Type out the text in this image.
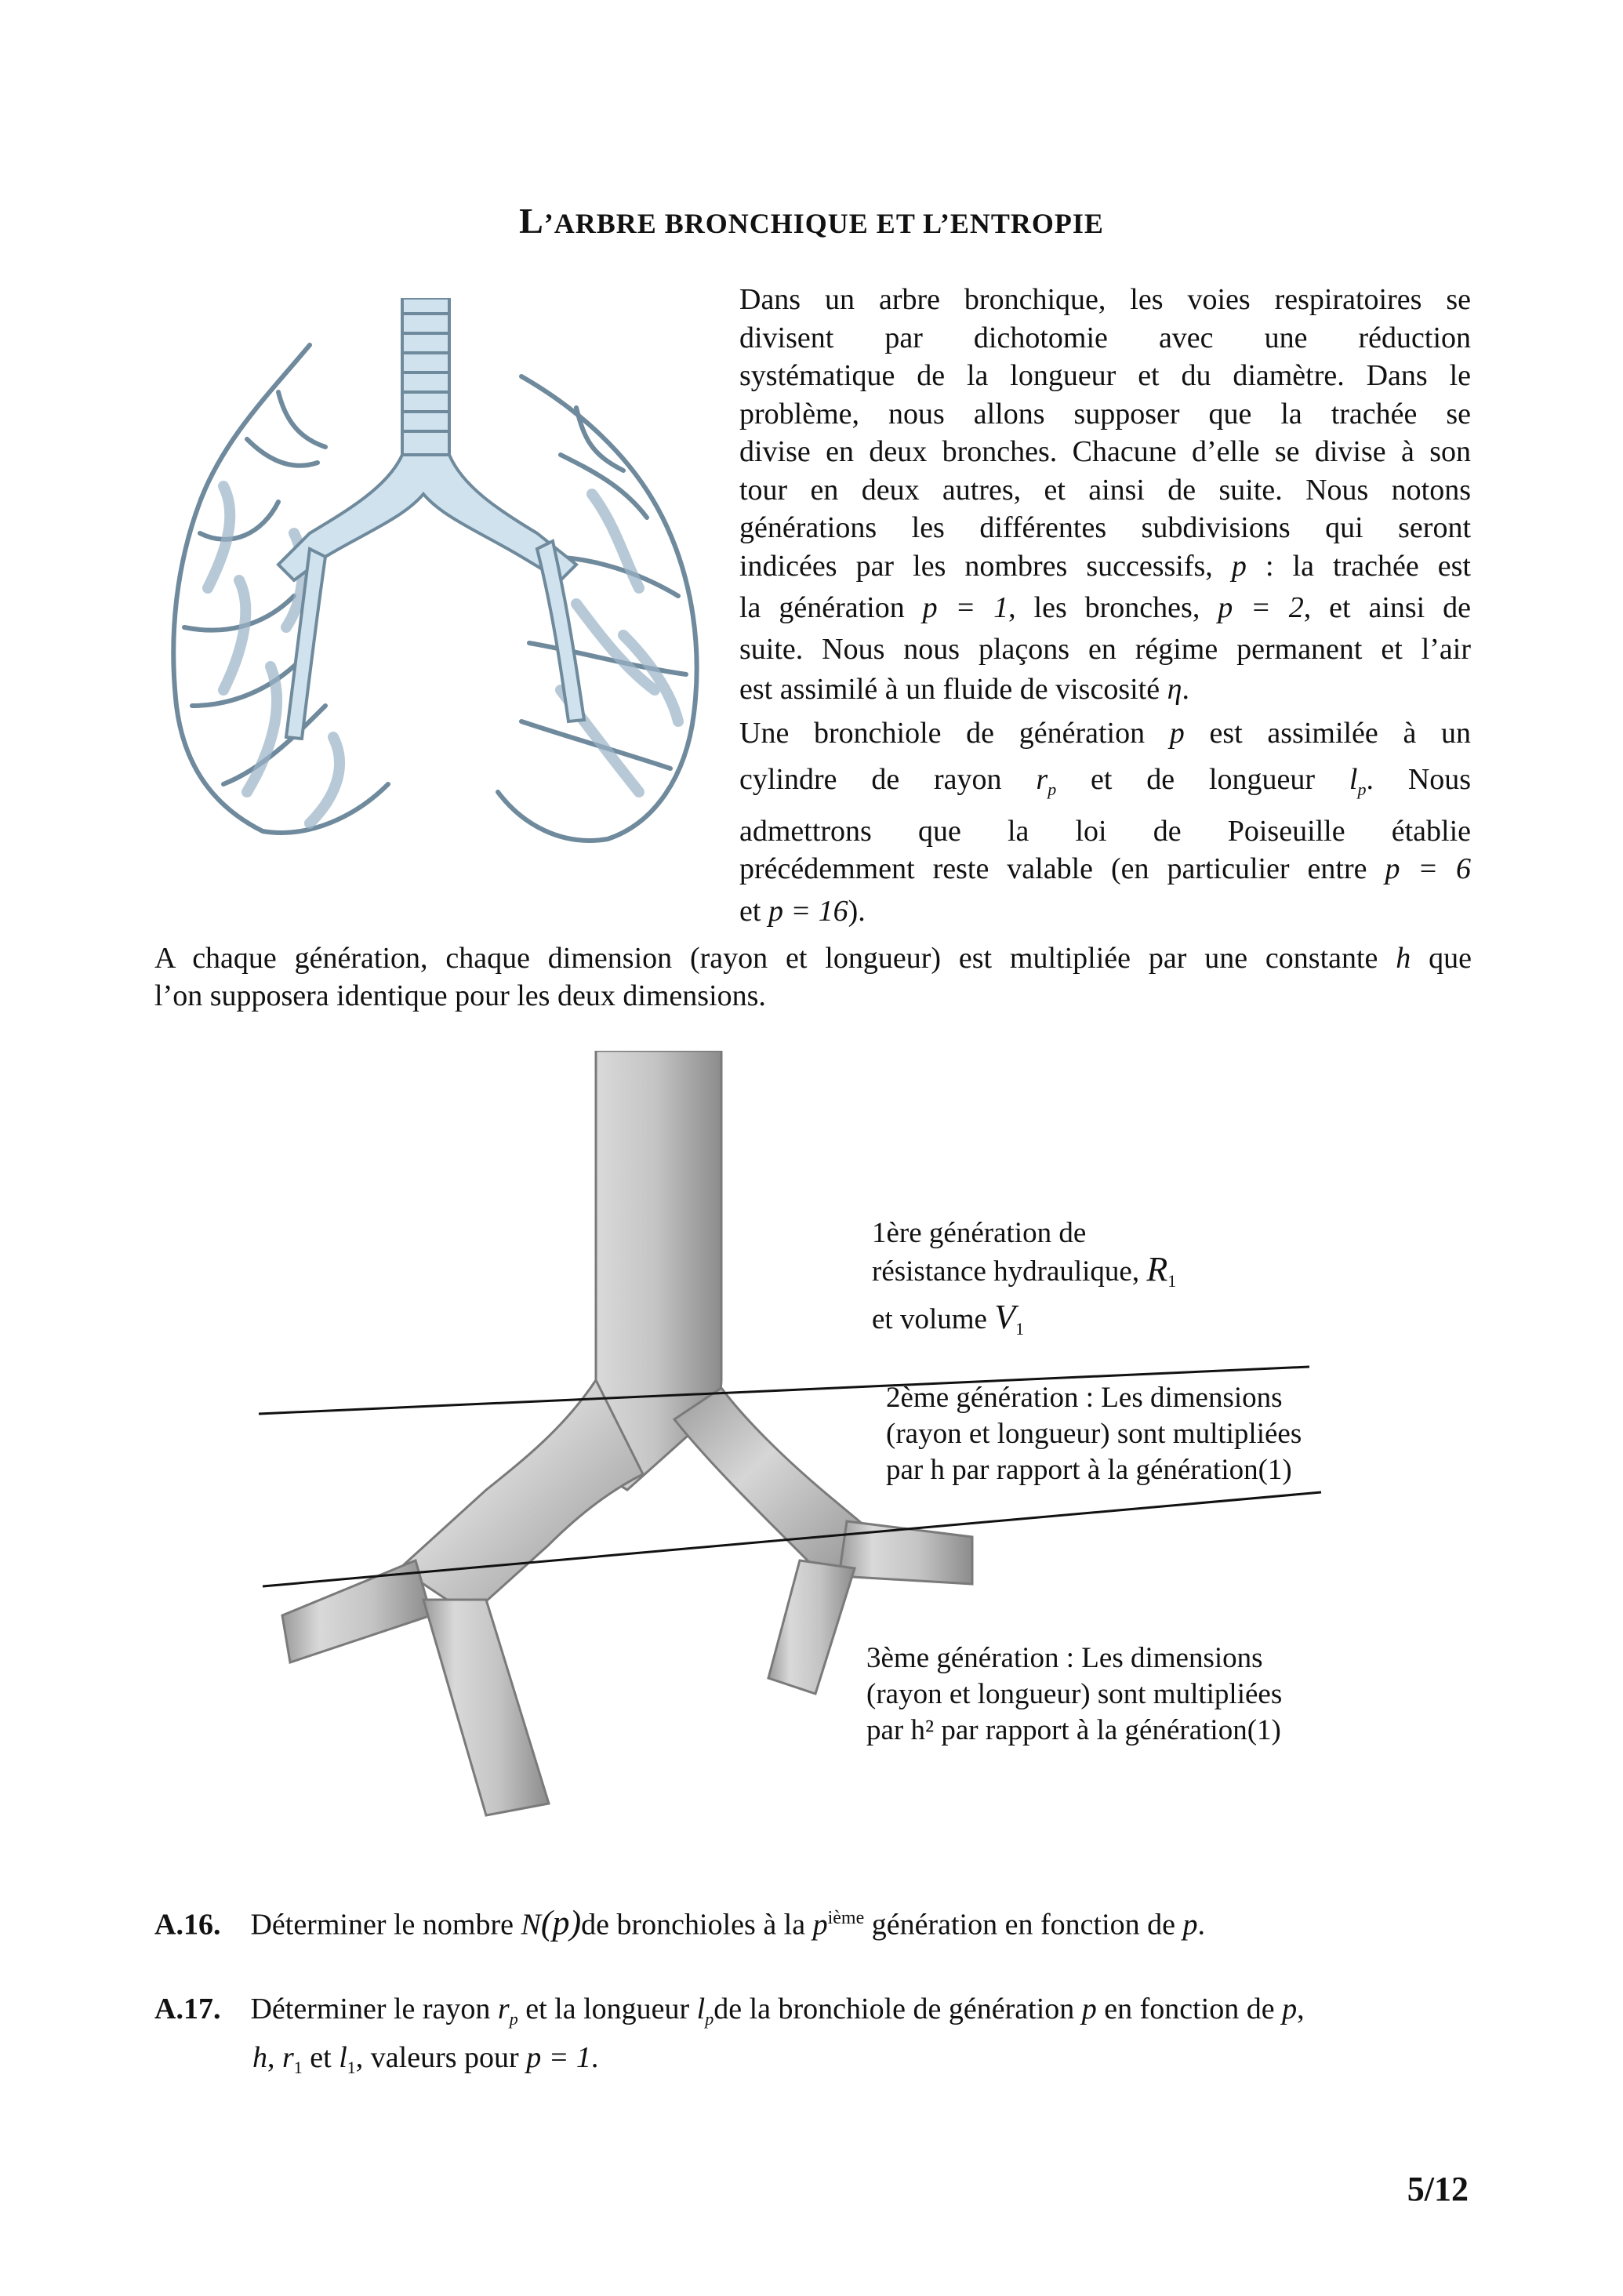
L’ARBRE BRONCHIQUE ET L’ENTROPIE
Dans un arbre bronchique, les voies respiratoires se
divisent par dichotomie avec une réduction
systématique de la longueur et du diamètre. Dans le
problème, nous allons supposer que la trachée se
divise en deux bronches. Chacune d’elle se divise à son
tour en deux autres, et ainsi de suite. Nous notons
générations les différentes subdivisions qui seront
indicées par les nombres successifs, p : la trachée est
la génération p = 1, les bronches, p = 2, et ainsi de
suite. Nous nous plaçons en régime permanent et l’air
est assimilé à un fluide de viscosité η.
Une bronchiole de génération p est assimilée à un
cylindre de rayon $r_p$ et de longueur $l_p$. Nous
admettrons que la loi de Poiseuille établie
précédemment reste valable (en particulier entre p = 6
et p = 16).
A chaque génération, chaque dimension (rayon et longueur) est multipliée par une constante h que
l’on supposera identique pour les deux dimensions.
1ère génération de
résistance hydraulique, $R_1$
et volume $V_1$
2ème génération : Les dimensions
(rayon et longueur) sont multipliées
par h par rapport à la génération(1)
3ème génération : Les dimensions
(rayon et longueur) sont multipliées
par h² par rapport à la génération(1)
A.16. Déterminer le nombre N(p)de bronchioles à la $p^{ième}$ génération en fonction de p.
A.17. Déterminer le rayon $r_p$ et la longueur $l_pde$ la bronchiole de génération p en fonction de p,
h, $r_1$ et $l_1$, valeurs pour p = 1.
5/12
